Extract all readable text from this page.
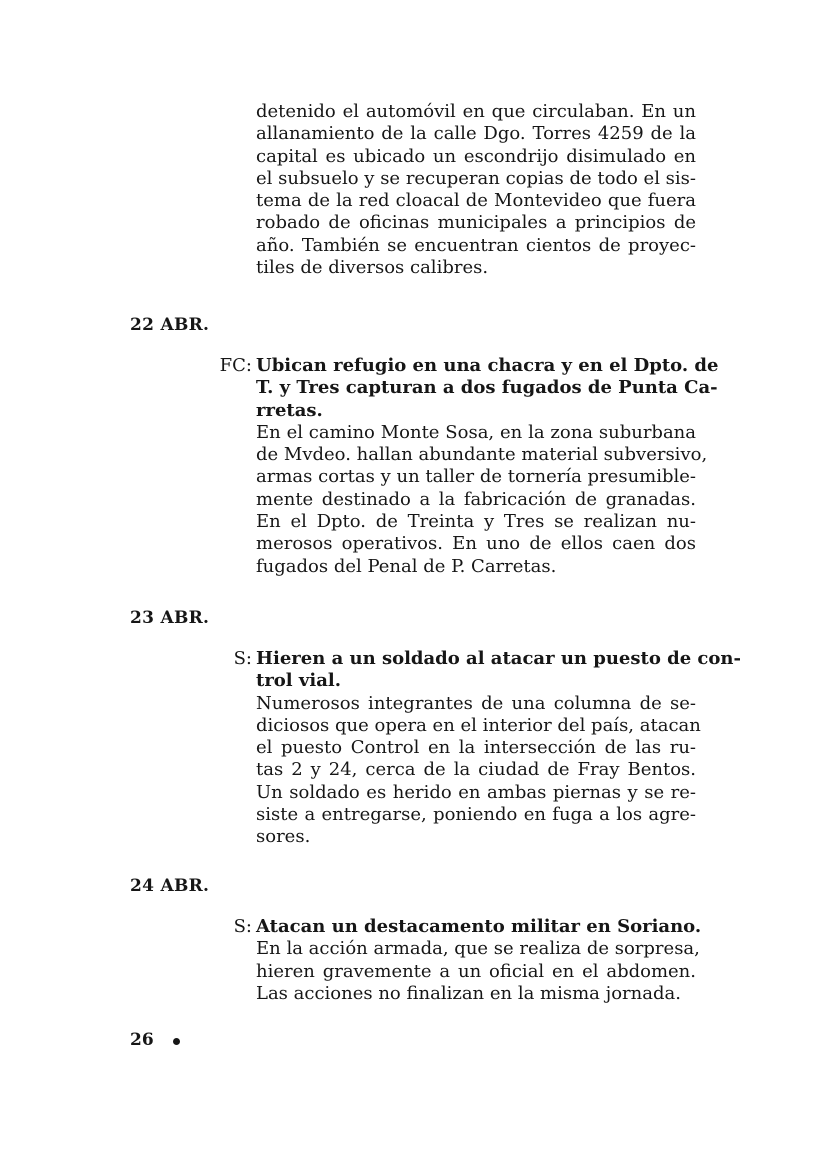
detenido el automóvil en que circulaban. En un
allanamiento de la calle Dgo. Torres 4259 de la
capital es ubicado un escondrijo disimulado en
el subsuelo y se recuperan copias de todo el sis-
tema de la red cloacal de Montevideo que fuera
robado de oficinas municipales a principios de
año. También se encuentran cientos de proyec-
tiles de diversos calibres.
22 ABR.
FC: Ubican refugio en una chacra y en el Dpto. de
T. y Tres capturan a dos fugados de Punta Ca-
rretas.
En el camino Monte Sosa, en la zona suburbana
de Mvdeo. hallan abundante material subversivo,
armas cortas y un taller de tornería presumible-
mente destinado a la fabricación de granadas.
En el Dpto. de Treinta y Tres se realizan nu-
merosos operativos. En uno de ellos caen dos
fugados del Penal de P. Carretas.
23 ABR.
S: Hieren a un soldado al atacar un puesto de con-
trol vial.
Numerosos integrantes de una columna de se-
diciosos que opera en el interior del país, atacan
el puesto Control en la intersección de las ru-
tas 2 y 24, cerca de la ciudad de Fray Bentos.
Un soldado es herido en ambas piernas y se re-
siste a entregarse, poniendo en fuga a los agre-
sores.
24 ABR.
S: Atacan un destacamento militar en Soriano.
En la acción armada, que se realiza de sorpresa,
hieren gravemente a un oficial en el abdomen.
Las acciones no finalizan en la misma jornada.
26
